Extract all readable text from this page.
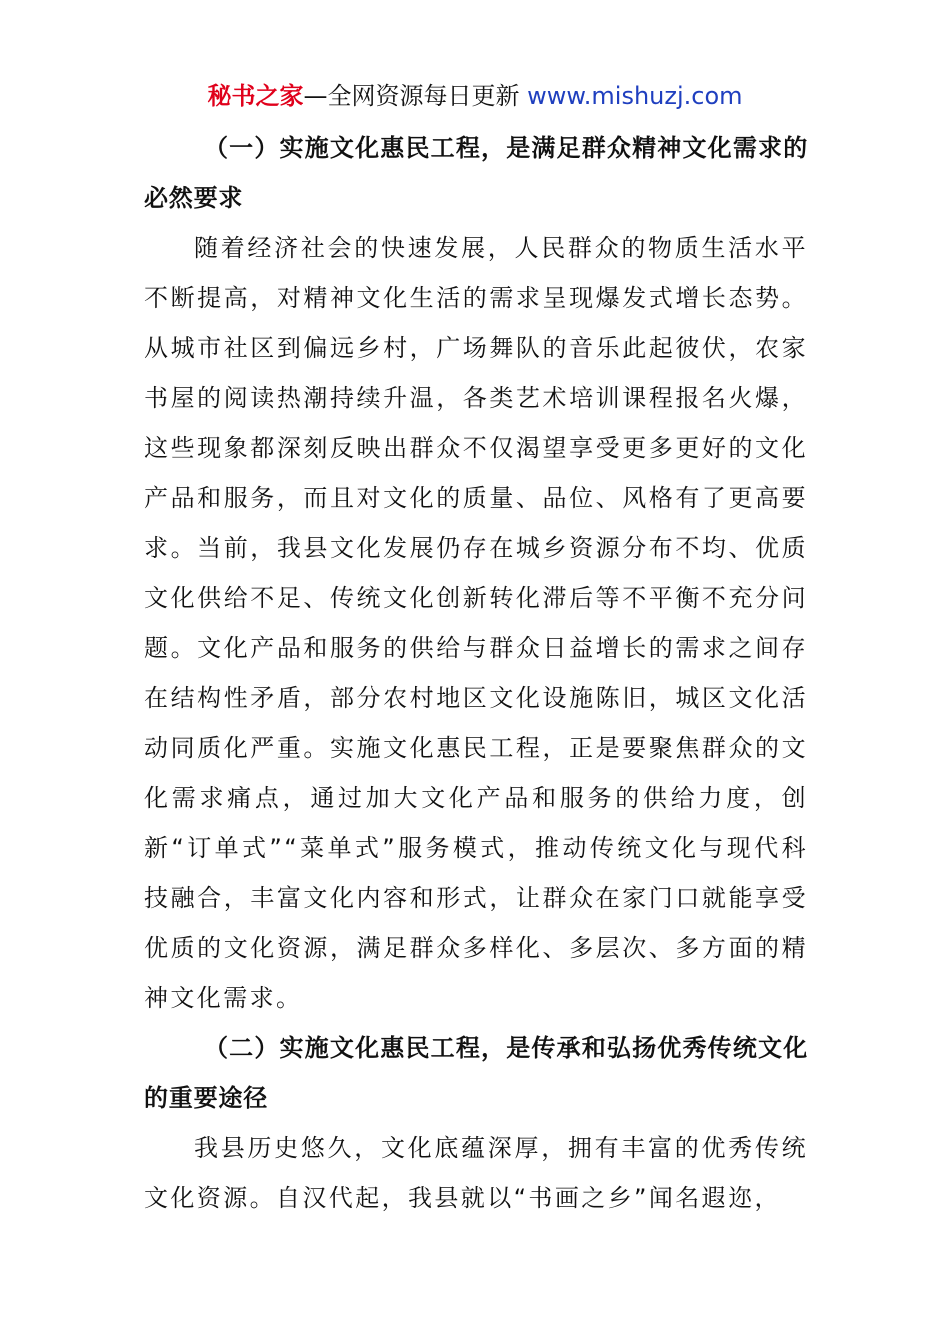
秘书之家—全网资源每日更新 www.mishuzj.com

（一）实施文化惠民工程，是满足群众精神文化需求的必然要求

随着经济社会的快速发展，人民群众的物质生活水平不断提高，对精神文化生活的需求呈现爆发式增长态势。从城市社区到偏远乡村，广场舞队的音乐此起彼伏，农家书屋的阅读热潮持续升温，各类艺术培训课程报名火爆，这些现象都深刻反映出群众不仅渴望享受更多更好的文化产品和服务，而且对文化的质量、品位、风格有了更高要求。当前，我县文化发展仍存在城乡资源分布不均、优质文化供给不足、传统文化创新转化滞后等不平衡不充分问题。文化产品和服务的供给与群众日益增长的需求之间存在结构性矛盾，部分农村地区文化设施陈旧，城区文化活动同质化严重。实施文化惠民工程，正是要聚焦群众的文化需求痛点，通过加大文化产品和服务的供给力度，创新“订单式”“菜单式”服务模式，推动传统文化与现代科技融合，丰富文化内容和形式，让群众在家门口就能享受优质的文化资源，满足群众多样化、多层次、多方面的精神文化需求。

（二）实施文化惠民工程，是传承和弘扬优秀传统文化的重要途径

我县历史悠久，文化底蕴深厚，拥有丰富的优秀传统文化资源。自汉代起，我县就以“书画之乡”闻名遐迩，
